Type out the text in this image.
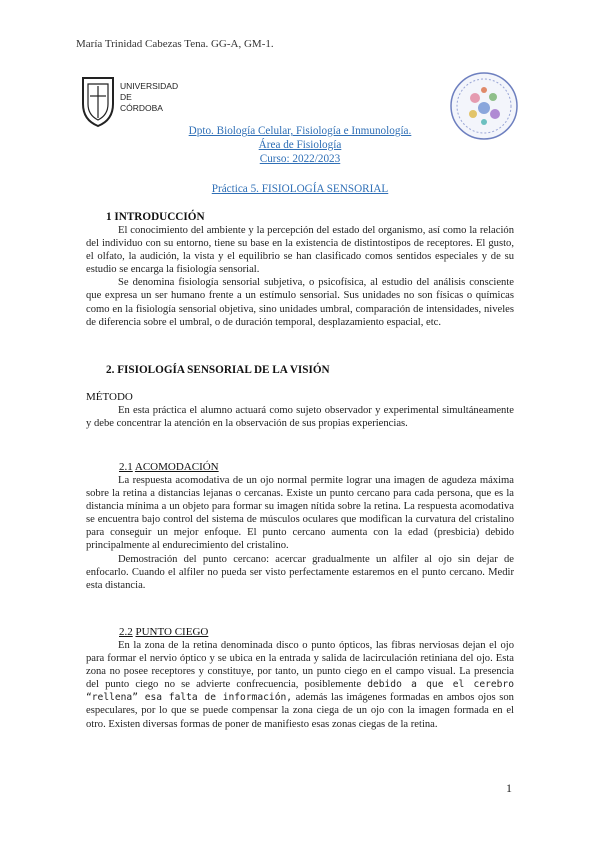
María Trinidad Cabezas Tena. GG-A, GM-1.
UNIVERSIDAD
DE
CÓRDOBA
Dpto. Biología Celular, Fisiología e Inmunología.
Área de Fisiología
Curso: 2022/2023
Práctica 5. FISIOLOGÍA SENSORIAL
1 INTRODUCCIÓN

El conocimiento del ambiente y la percepción del estado del organismo, así como la relación del individuo con su entorno, tiene su base en la existencia de distintostipos de receptores. El gusto, el olfato, la audición, la vista y el equilibrio se han clasificado comos sentidos especiales y de su estudio se encarga la fisiología sensorial.

Se denomina fisiología sensorial subjetiva, o psicofísica, al estudio del análisis consciente que expresa un ser humano frente a un estímulo sensorial. Sus unidades no son físicas o químicas como en la fisiología sensorial objetiva, sino unidades umbral, comparación de intensidades, niveles de diferencia sobre el umbral, o de duración temporal, desplazamiento espacial, etc.

2. FISIOLOGÍA SENSORIAL DE LA VISIÓN
MÉTODO

En esta práctica el alumno actuará como sujeto observador y experimental simultáneamente y debe concentrar la atención en la observación de sus propias experiencias.

2.1 ACOMODACIÓN

La respuesta acomodativa de un ojo normal permite lograr una imagen de agudeza máxima sobre la retina a distancias lejanas o cercanas. Existe un punto cercano para cada persona, que es la distancia mínima a un objeto para formar su imagen nítida sobre la retina. La respuesta acomodativa se encuentra bajo control del sistema de músculos oculares que modifican la curvatura del cristalino para conseguir un mejor enfoque. El punto cercano aumenta con la edad (presbicia) debido principalmente al endurecimiento del cristalino.

Demostración del punto cercano: acercar gradualmente un alfiler al ojo sin dejar de enfocarlo. Cuando el alfiler no pueda ser visto perfectamente estaremos en el punto cercano. Medir esta distancia.

2.2 PUNTO CIEGO

En la zona de la retina denominada disco o punto ópticos, las fibras nerviosas dejan el ojo para formar el nervio óptico y se ubica en la entrada y salida de lacirculación retiniana del ojo. Esta zona no posee receptores y constituye, por tanto, un punto ciego en el campo visual. La presencia del punto ciego no se advierte confrecuencia, posiblemente debido a que el cerebro “rellena” esa falta de información, además las imágenes formadas en ambos ojos son especulares, por lo que se puede compensar la zona ciega de un ojo con la imagen formada en el otro. Existen diversas formas de poner de manifiesto esas zonas ciegas de la retina.

1
